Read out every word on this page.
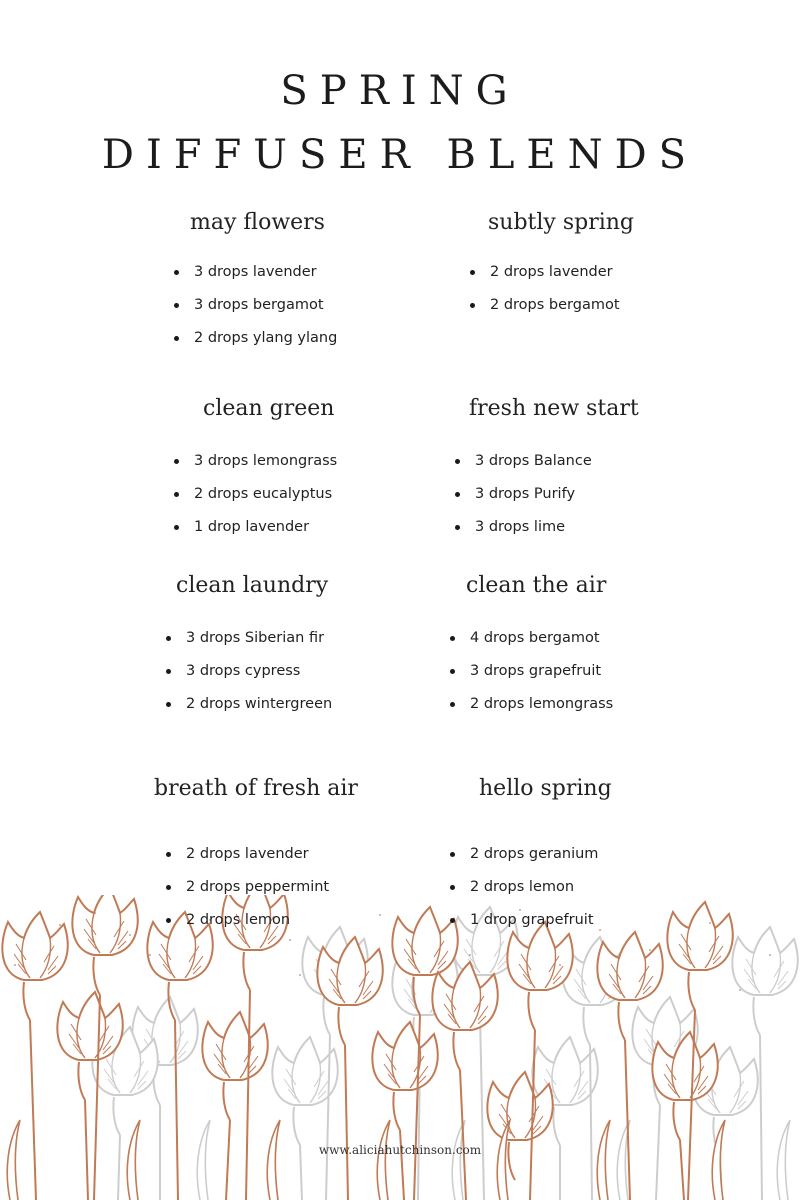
SPRING
DIFFUSER BLENDS
may flowers
3 drops lavender
3 drops bergamot
2 drops ylang ylang
subtly spring
2 drops lavender
2 drops bergamot
clean green
3 drops lemongrass
2 drops eucalyptus
1 drop lavender
fresh new start
3 drops Balance
3 drops Purify
3 drops lime
clean laundry
3 drops Siberian fir
3 drops cypress
2 drops wintergreen
clean the air
4 drops bergamot
3 drops grapefruit
2 drops lemongrass
breath of fresh air
2 drops lavender
2 drops peppermint
2 drops lemon
hello spring
2 drops geranium
2 drops lemon
1 drop grapefruit
www.aliciahutchinson.com
